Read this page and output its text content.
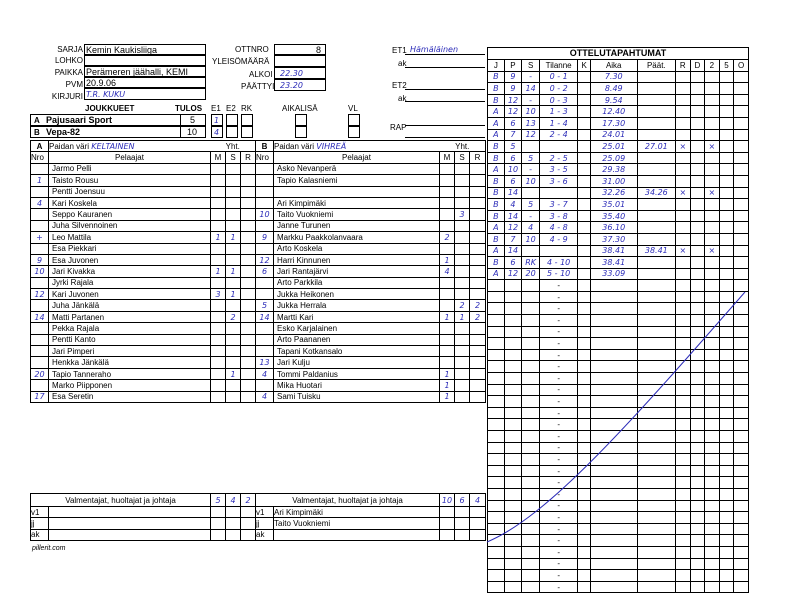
SARJA Kemin Kaukisliiga
LOHKO
PAIKKA Perämeren jäähalli, KEMI
PVM 20.9.06
KIRJURI T.R. KUKU
OTTNRO	8
YLEISÖMÄÄRÄ
ALKOI 22.30
PÄÄTTYI 23.20
ET1 Hämäläinen
ak
ET2
ak
JOUKKUEET	TULOS E1 E2 RK	AIKALISÄ	VL
A Pajusaari Sport	5 1
B Vepa-82	10 4
RAP
A	Paidan väri KELTAINEN	Yht.		
Nro	Pelaajat	M	S	R
	Jarmo Pelli			
1	Taisto Rousu			
	Pentti Joensuu			
4	Kari Koskela			
	Seppo Kauranen			
	Juha Silvennoinen			
+	Leo Mattila	1	1	
	Esa Piekkari			
9	Esa Juvonen			
10	Jari Kivakka	1	1	
	Jyrki Rajala			
12	Kari Juvonen	3	1	
	Juha Jänkälä			
14	Matti Partanen		2	
	Pekka Rajala			
	Pentti Kanto			
	Jari Pimperi			
	Henkka Jänkälä			
20	Tapio Tanneraho		1	
	Marko Piipponen			
17	Esa Seretin			
B	Paidan väri VIHREÄ	Yht.		
Nro	Pelaajat	M	S	R
	Asko Nevanperä			
	Tapio Kalasniemi			

	Ari Kimpimäki			
10	Taito Vuokniemi		3	
	Janne Turunen			
9	Markku Paakkolanvaara	2		
	Arto Koskela			
12	Harri Kinnunen	1		
6	Jari Rantajärvi	4		
	Arto Parkkila			
	Jukka Heikonen			
5	Jukka Herrala		2	2
14	Martti Kari	1	1	2
	Esko Karjalainen			
	Arto Paananen			
	Tapani Kotkansalo			
13	Jari Kulju			
4	Tommi Paldanius	1		
	Mika Huotari	1		
4	Sami Tuisku	1		
Valmentajat, huoltajat ja johtaja		5	4	2
v1				
jj				
ak				
Valmentajat, huoltajat ja johtaja		10	6	4
v1	Ari Kimpimäki			
jj	Taito Vuokniemi			
ak				
OTTELUTAPAHTUMAT											
J	P	S	Tilanne	K	Aika	Päät.	R	D	2	5	O
B	9	-	0 - 1		7.30						
B	9	14	0 - 2		8.49						
B	12	-	0 - 3		9.54						
A	12	10	1 - 3		12.40						
A	6	13	1 - 4		17.30						
A	7	12	2 - 4		24.01						
B	5				25.01	27.01	×		×		
B	6	5	2 - 5		25.09						
A	10	-	3 - 5		29.38						
B	6	10	3 - 6		31.00						
B	14				32.26	34.26	×		×		
B	4	5	3 - 7		35.01						
B	14	-	3 - 8		35.40						
A	12	4	4 - 8		36.10						
B	7	10	4 - 9		37.30						
A	14				38.41	38.41	×		×		
B	6	RK	4 - 10		38.41						
A	12	20	5 - 10		33.09						
			-								
			-								
			-								
			-								
			-								
			-								
			-								
			-								
			-								
			-								
			-								
			-								
			-								
			-								
			-								
			-								
			-								
			-								
			-								
			-								
			-								
			-								
			-								
			-								
			-								
			-								
			-								
pillerit.com
